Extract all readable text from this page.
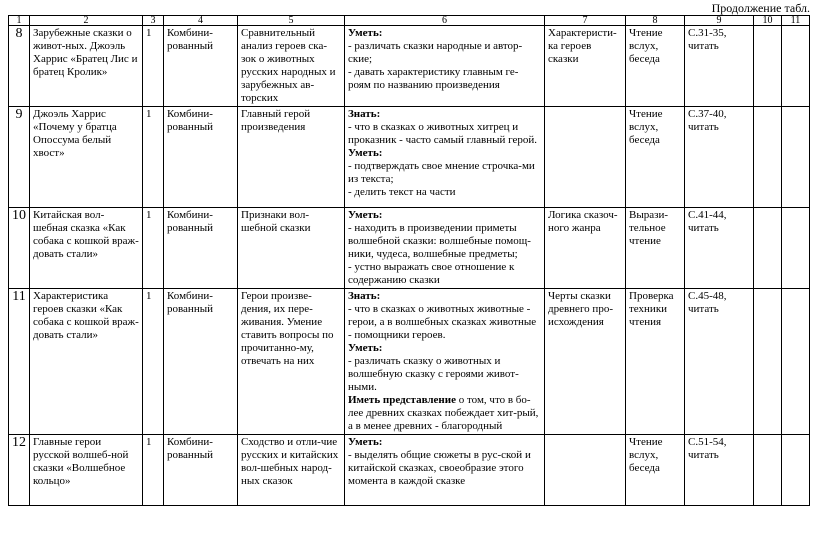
Продолжение табл.
1	2	3	4	5	6	7	8	9	10	11
8	Зарубежные сказки о живот-ных. Джоэль Харрис «Братец Лис и братец Кролик»	1	Комбини-рованный	Сравнительный анализ героев ска-зок о животных русских народных и зарубежных ав-торских	Уметь:

- различать сказки народные и автор-ские;

- давать характеристику главным ге-роям по названию произведения	Характеристи-ка героев сказки	Чтение вслух, беседа	С.31-35, читать		
9	Джоэль Харрис «Почему у братца Опоссума белый хвост»	1	Комбини-рованный	Главный герой произведения	Знать:

- что в сказках о животных хитрец и проказник - часто самый главный герой.

Уметь:

- подтверждать свое мнение строчка-ми из текста;

- делить текст на части		Чтение вслух, беседа	С.37-40, читать		
10	Китайская вол-шебная сказка «Как собака с кошкой враж-довать стали»	1	Комбини-рованный	Признаки вол-шебной сказки	Уметь:

- находить в произведении приметы волшебной сказки: волшебные помощ-ники, чудеса, волшебные предметы;

- устно выражать свое отношение к содержанию сказки	Логика сказоч-ного жанра	Вырази-тельное чтение	С.41-44, читать		
11	Характеристика героев сказки «Как собака с кошкой враж-довать стали»	1	Комбини-рованный	Герои произве-дения, их пере-живания. Умение ставить вопросы по прочитанно-му, отвечать на них	Знать:

- что в сказках о животных животные - герои, а в волшебных сказках животные - помощники героев.

Уметь:

- различать сказку о животных и волшебную сказку с героями живот-ными.

Иметь представление о том, что в бо-лее древних сказках побеждает хит-рый, а в менее древних - благородный	Черты сказки древнего про-исхождения	Проверка техники чтения	С.45-48, читать		
12	Главные герои русской волшеб-ной сказки «Волшебное кольцо»	1	Комбини-рованный	Сходство и отли-чие русских и китайских вол-шебных народ-ных сказок	Уметь:

- выделять общие сюжеты в рус-ской и китайской сказках, своеобразие этого момента в каждой сказке		Чтение вслух, беседа	С.51-54, читать		
